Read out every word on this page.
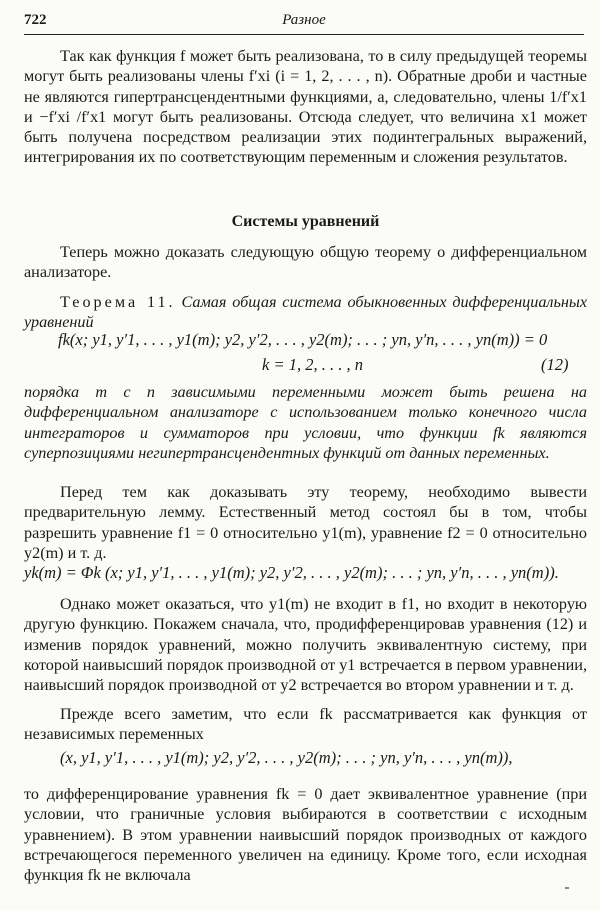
722	Разное

Так как функция f может быть реализована, то в силу предыдущей теоремы могут быть реализованы члены f′xi (i = 1, 2, . . . , n). Обратные дроби и частные не являются гипертрансцендентными функциями, а, следовательно, члены 1/f′x1 и −f′xi /f′x1 могут быть реализованы. Отсюда следует, что величина x1 может быть получена посредством реализации этих подинтегральных выражений, интегрирования их по соответствующим переменным и сложения результатов.

Системы уравнений

Теперь можно доказать следующую общую теорему о дифференциальном анализаторе.

Теорема 11. Самая общая система обыкновенных дифференциальных уравнений

fk(x; y1, y′1, . . . , y1(m); y2, y′2, . . . , y2(m); . . . ; yn, y′n, . . . , yn(m)) = 0
k = 1, 2, . . . , n	(12)

порядка m с n зависимыми переменными может быть решена на дифференциальном анализаторе с использованием только конечного числа интеграторов и сумматоров при условии, что функции fk являются суперпозициями негипертрансцендентных функций от данных переменных.

Перед тем как доказывать эту теорему, необходимо вывести предварительную лемму. Естественный метод состоял бы в том, чтобы разрешить уравнение f1 = 0 относительно y1(m), уравнение f2 = 0 относительно y2(m) и т. д.

yk(m) = Φk (x; y1, y′1, . . . , y1(m); y2, y′2, . . . , y2(m); . . . ; yn, y′n, . . . , yn(m)).

Однако может оказаться, что y1(m) не входит в f1, но входит в некоторую другую функцию. Покажем сначала, что, продифференцировав уравнения (12) и изменив порядок уравнений, можно получить эквивалентную систему, при которой наивысший порядок производной от y1 встречается в первом уравнении, наивысший порядок производной от y2 встречается во втором уравнении и т. д.

Прежде всего заметим, что если fk рассматривается как функция от независимых переменных

(x, y1, y′1, . . . , y1(m); y2, y′2, . . . , y2(m); . . . ; yn, y′n, . . . , yn(m)),

то дифференцирование уравнения fk = 0 дает эквивалентное уравнение (при условии, что граничные условия выбираются в соответствии с исходным уравнением). В этом уравнении наивысший порядок производных от каждого встречающегося переменного увеличен на единицу. Кроме того, если исходная функция fk не включала
